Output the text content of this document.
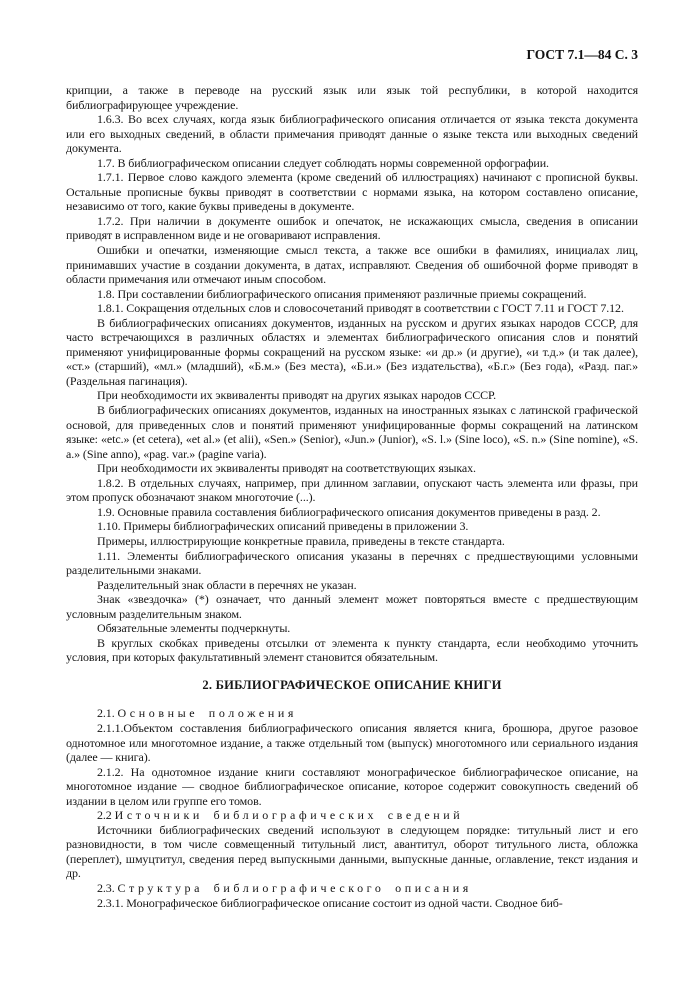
ГОСТ 7.1—84 С. 3

крипции, а также в переводе на русский язык или язык той республики, в которой находится библиографирующее учреждение.

1.6.3. Во всех случаях, когда язык библиографического описания отличается от языка текста документа или его выходных сведений, в области примечания приводят данные о языке текста или выходных сведений документа.

1.7. В библиографическом описании следует соблюдать нормы современной орфографии.

1.7.1. Первое слово каждого элемента (кроме сведений об иллюстрациях) начинают с прописной буквы. Остальные прописные буквы приводят в соответствии с нормами языка, на котором составлено описание, независимо от того, какие буквы приведены в документе.

1.7.2. При наличии в документе ошибок и опечаток, не искажающих смысла, сведения в описании приводят в исправленном виде и не оговаривают исправления.

Ошибки и опечатки, изменяющие смысл текста, а также все ошибки в фамилиях, инициалах лиц, принимавших участие в создании документа, в датах, исправляют. Сведения об ошибочной форме приводят в области примечания или отмечают иным способом.

1.8. При составлении библиографического описания применяют различные приемы сокращений.

1.8.1. Сокращения отдельных слов и словосочетаний приводят в соответствии с ГОСТ 7.11 и ГОСТ 7.12.

В библиографических описаниях документов, изданных на русском и других языках народов СССР, для часто встречающихся в различных областях и элементах библиографического описания слов и понятий применяют унифицированные формы сокращений на русском языке: «и др.» (и другие), «и т.д.» (и так далее), «ст.» (старший), «мл.» (младший), «Б.м.» (Без места), «Б.и.» (Без издательства), «Б.г.» (Без года), «Разд. паг.» (Раздельная пагинация).

При необходимости их эквиваленты приводят на других языках народов СССР.

В библиографических описаниях документов, изданных на иностранных языках с латинской графической основой, для приведенных слов и понятий применяют унифицированные формы сокращений на латинском языке: «etc.» (et cetera), «et al.» (et alii), «Sen.» (Senior), «Jun.» (Junior), «S. l.» (Sine loco), «S. n.» (Sine nomine), «S. a.» (Sine anno), «pag. var.» (pagine varia).

При необходимости их эквиваленты приводят на соответствующих языках.

1.8.2. В отдельных случаях, например, при длинном заглавии, опускают часть элемента или фразы, при этом пропуск обозначают знаком многоточие (...).

1.9. Основные правила составления библиографического описания документов приведены в разд. 2.

1.10. Примеры библиографических описаний приведены в приложении 3.

Примеры, иллюстрирующие конкретные правила, приведены в тексте стандарта.

1.11. Элементы библиографического описания указаны в перечнях с предшествующими условными разделительными знаками.

Разделительный знак области в перечнях не указан.

Знак «звездочка» (*) означает, что данный элемент может повторяться вместе с предшествующим условным разделительным знаком.

Обязательные элементы подчеркнуты.

В круглых скобках приведены отсылки от элемента к пункту стандарта, если необходимо уточнить условия, при которых факультативный элемент становится обязательным.

2. БИБЛИОГРАФИЧЕСКОЕ ОПИСАНИЕ КНИГИ

2.1. Основные положения

2.1.1.Объектом составления библиографического описания является книга, брошюра, другое разовое однотомное или многотомное издание, а также отдельный том (выпуск) многотомного или сериального издания (далее — книга).

2.1.2. На однотомное издание книги составляют монографическое библиографическое описание, на многотомное издание — сводное библиографическое описание, которое содержит совокупность сведений об издании в целом или группе его томов.

2.2 Источники библиографических сведений

Источники библиографических сведений используют в следующем порядке: титульный лист и его разновидности, в том числе совмещенный титульный лист, авантитул, оборот титульного листа, обложка (переплет), шмуцтитул, сведения перед выпускными данными, выпускные данные, оглавление, текст издания и др.

2.3. Структура библиографического описания

2.3.1. Монографическое библиографическое описание состоит из одной части. Сводное биб-
